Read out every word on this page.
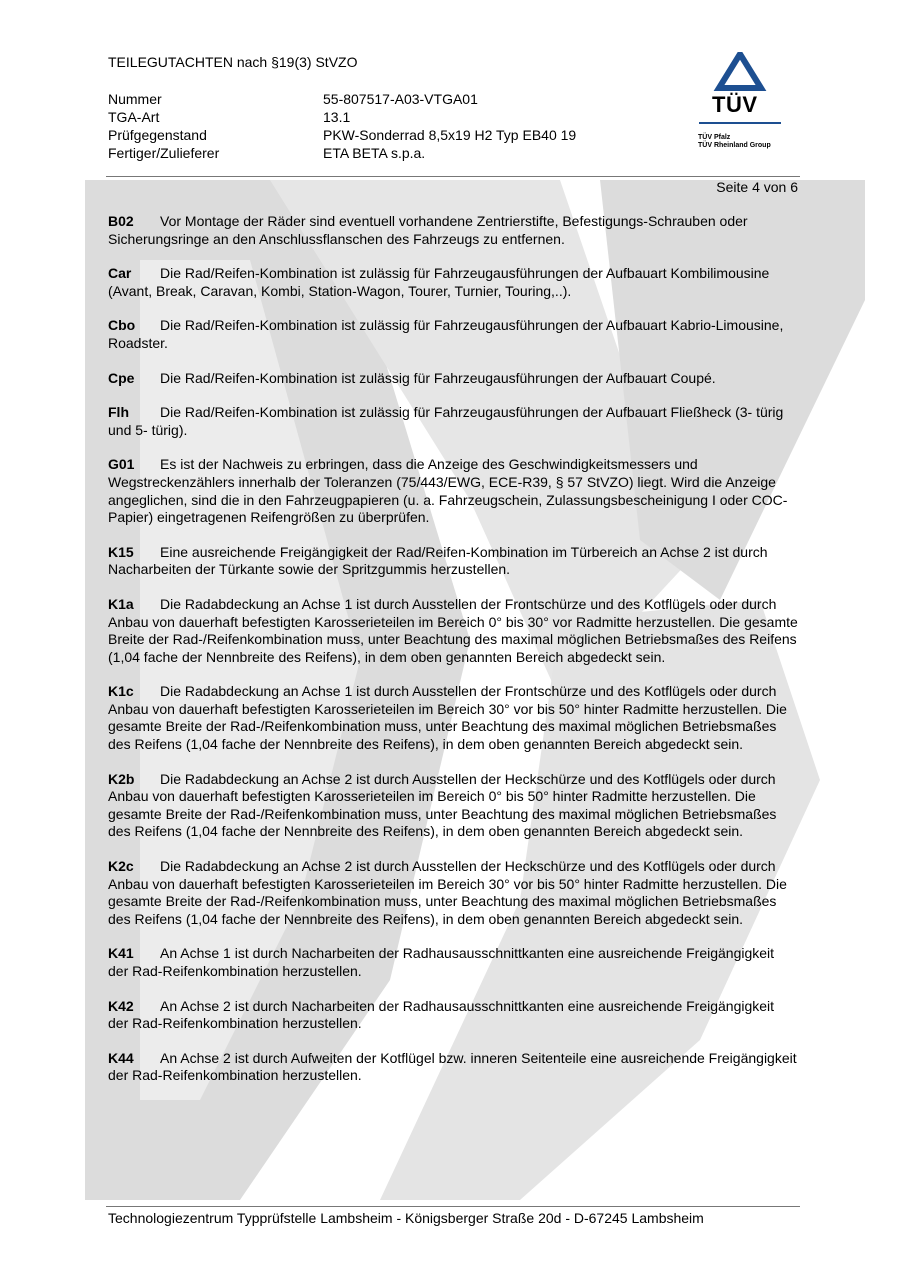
TEILEGUTACHTEN nach §19(3) StVZO
Nummer	55-807517-A03-VTGA01
TGA-Art	13.1
Prüfgegenstand	PKW-Sonderrad 8,5x19 H2 Typ EB40 19
Fertiger/Zulieferer	ETA BETA s.p.a.
TÜV
TÜV Pfalz
TÜV Rheinland Group
Seite 4 von 6

B02 Vor Montage der Räder sind eventuell vorhandene Zentrierstifte, Befestigungs-Schrauben oder Sicherungsringe an den Anschlussflanschen des Fahrzeugs zu entfernen.

Car Die Rad/Reifen-Kombination ist zulässig für Fahrzeugausführungen der Aufbauart Kombilimousine (Avant, Break, Caravan, Kombi, Station-Wagon, Tourer, Turnier, Touring,..).

Cbo Die Rad/Reifen-Kombination ist zulässig für Fahrzeugausführungen der Aufbauart Kabrio-Limousine, Roadster.

Cpe Die Rad/Reifen-Kombination ist zulässig für Fahrzeugausführungen der Aufbauart Coupé.

Flh Die Rad/Reifen-Kombination ist zulässig für Fahrzeugausführungen der Aufbauart Fließheck (3- türig und 5- türig).

G01 Es ist der Nachweis zu erbringen, dass die Anzeige des Geschwindigkeitsmessers und Wegstreckenzählers innerhalb der Toleranzen (75/443/EWG, ECE-R39, § 57 StVZO) liegt. Wird die Anzeige angeglichen, sind die in den Fahrzeugpapieren (u. a. Fahrzeugschein, Zulassungsbescheinigung I oder COC-Papier) eingetragenen Reifengrößen zu überprüfen.

K15 Eine ausreichende Freigängigkeit der Rad/Reifen-Kombination im Türbereich an Achse 2 ist durch Nacharbeiten der Türkante sowie der Spritzgummis herzustellen.

K1a Die Radabdeckung an Achse 1 ist durch Ausstellen der Frontschürze und des Kotflügels oder durch Anbau von dauerhaft befestigten Karosserieteilen im Bereich 0° bis 30° vor Radmitte herzustellen. Die gesamte Breite der Rad-/Reifenkombination muss, unter Beachtung des maximal möglichen Betriebsmaßes des Reifens (1,04 fache der Nennbreite des Reifens), in dem oben genannten Bereich abgedeckt sein.

K1c Die Radabdeckung an Achse 1 ist durch Ausstellen der Frontschürze und des Kotflügels oder durch Anbau von dauerhaft befestigten Karosserieteilen im Bereich 30° vor bis 50° hinter Radmitte herzustellen. Die gesamte Breite der Rad-/Reifenkombination muss, unter Beachtung des maximal möglichen Betriebsmaßes des Reifens (1,04 fache der Nennbreite des Reifens), in dem oben genannten Bereich abgedeckt sein.

K2b Die Radabdeckung an Achse 2 ist durch Ausstellen der Heckschürze und des Kotflügels oder durch Anbau von dauerhaft befestigten Karosserieteilen im Bereich 0° bis 50° hinter Radmitte herzustellen. Die gesamte Breite der Rad-/Reifenkombination muss, unter Beachtung des maximal möglichen Betriebsmaßes des Reifens (1,04 fache der Nennbreite des Reifens), in dem oben genannten Bereich abgedeckt sein.

K2c Die Radabdeckung an Achse 2 ist durch Ausstellen der Heckschürze und des Kotflügels oder durch Anbau von dauerhaft befestigten Karosserieteilen im Bereich 30° vor bis 50° hinter Radmitte herzustellen. Die gesamte Breite der Rad-/Reifenkombination muss, unter Beachtung des maximal möglichen Betriebsmaßes des Reifens (1,04 fache der Nennbreite des Reifens), in dem oben genannten Bereich abgedeckt sein.

K41 An Achse 1 ist durch Nacharbeiten der Radhausausschnittkanten eine ausreichende Freigängigkeit der Rad-Reifenkombination herzustellen.

K42 An Achse 2 ist durch Nacharbeiten der Radhausausschnittkanten eine ausreichende Freigängigkeit der Rad-Reifenkombination herzustellen.

K44 An Achse 2 ist durch Aufweiten der Kotflügel bzw. inneren Seitenteile eine ausreichende Freigängigkeit der Rad-Reifenkombination herzustellen.

Technologiezentrum Typprüfstelle Lambsheim - Königsberger Straße 20d - D-67245 Lambsheim
